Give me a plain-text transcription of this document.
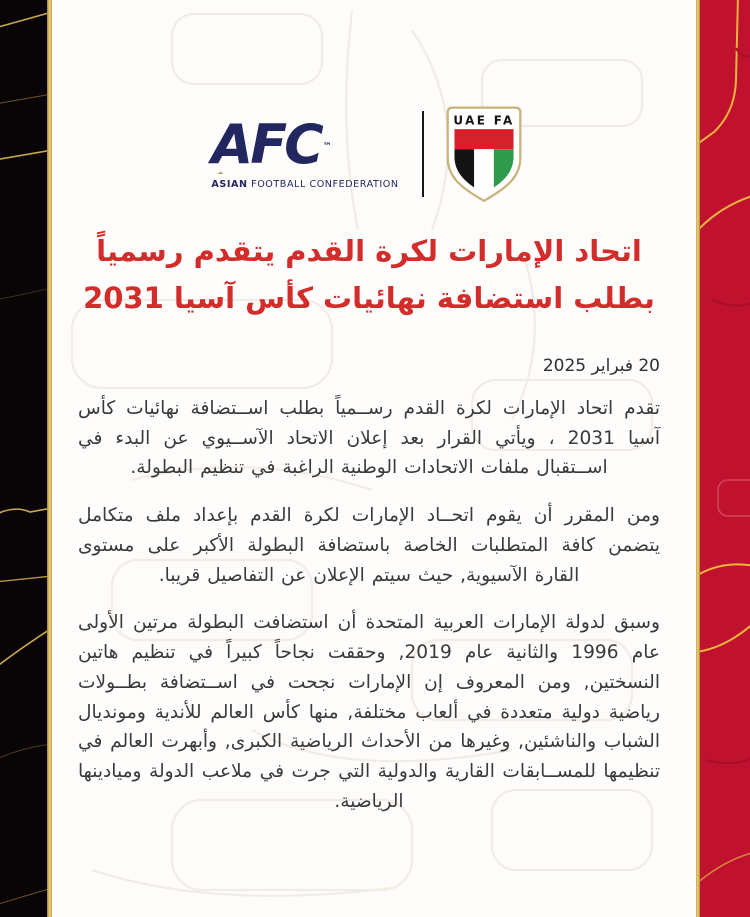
AFC ™
ASIAN FOOTBALL CONFEDERATION
UAE FA
اتحاد الإمارات لكرة القدم يتقدم رسمياً
بطلب استضافة نهائيات كأس آسيا 2031
20 فبراير 2025

تقدم اتحاد الإمارات لكرة القدم رســمياً بطلب اســتضافة نهائيات كأس آسيا 2031 ، ويأتي القرار بعد إعلان الاتحاد الآســيوي عن البدء في اســتقبال ملفات الاتحادات الوطنية الراغبة في تنظيم البطولة.

ومن المقرر أن يقوم اتحــاد الإمارات لكرة القدم بإعداد ملف متكامل يتضمن كافة المتطلبات الخاصة باستضافة البطولة الأكبر على مستوى القارة الآسيوية, حيث سيتم الإعلان عن التفاصيل قريبا.

وسبق لدولة الإمارات العربية المتحدة أن استضافت البطولة مرتين الأولى عام 1996 والثانية عام 2019, وحققت نجاحاً كبيراً في تنظيم هاتين النسختين, ومن المعروف إن الإمارات نجحت في اســتضافة بطــولات رياضية دولية متعددة في ألعاب مختلفة, منها كأس العالم للأندية ومونديال الشباب والناشئين, وغيرها من الأحداث الرياضية الكبرى, وأبهرت العالم في تنظيمها للمســابقات القارية والدولية التي جرت في ملاعب الدولة وميادينها الرياضية.
